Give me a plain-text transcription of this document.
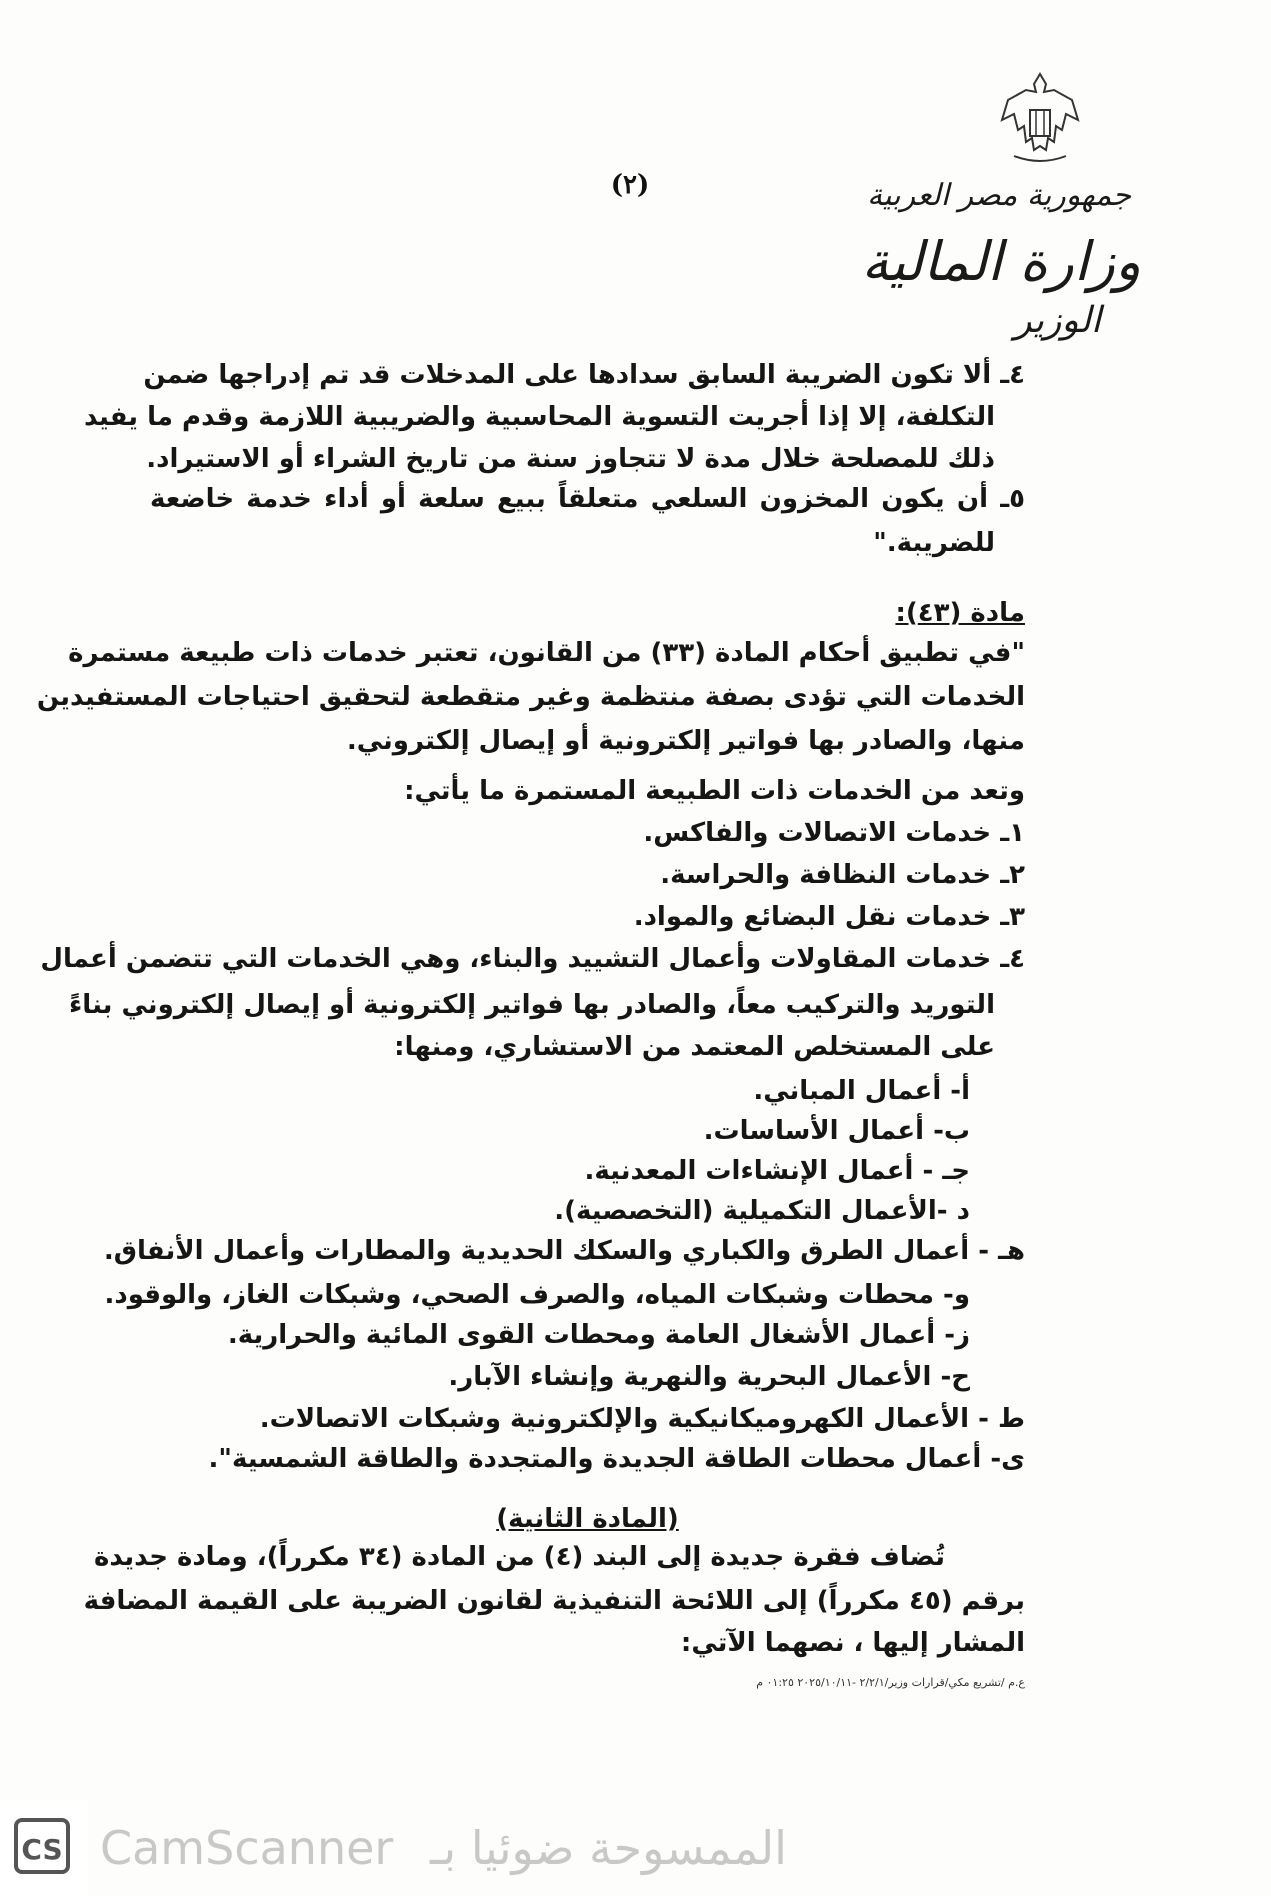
(٢)	جمهورية مصر العربية
وزارة المالية
الوزير
٤ـ ألا تكون الضريبة السابق سدادها على المدخلات قد تم إدراجها ضمن
التكلفة، إلا إذا أجريت التسوية المحاسبية والضريبية اللازمة وقدم ما يفيد
ذلك للمصلحة خلال مدة لا تتجاوز سنة من تاريخ الشراء أو الاستيراد.
٥ـ أن يكون المخزون السلعي متعلقاً ببيع سلعة أو أداء خدمة خاضعة
للضريبة."
مادة (٤٣):
"في تطبيق أحكام المادة (٣٣) من القانون، تعتبر خدمات ذات طبيعة مستمرة
الخدمات التي تؤدى بصفة منتظمة وغير متقطعة لتحقيق احتياجات المستفيدين
منها، والصادر بها فواتير إلكترونية أو إيصال إلكتروني.
وتعد من الخدمات ذات الطبيعة المستمرة ما يأتي:
١ـ خدمات الاتصالات والفاكس.
٢ـ خدمات النظافة والحراسة.
٣ـ خدمات نقل البضائع والمواد.
٤ـ خدمات المقاولات وأعمال التشييد والبناء، وهي الخدمات التي تتضمن أعمال
التوريد والتركيب معاً، والصادر بها فواتير إلكترونية أو إيصال إلكتروني بناءً
على المستخلص المعتمد من الاستشاري، ومنها:
أ- أعمال المباني.
ب- أعمال الأساسات.
جـ - أعمال الإنشاءات المعدنية.
د -الأعمال التكميلية (التخصصية).
هـ - أعمال الطرق والكباري والسكك الحديدية والمطارات وأعمال الأنفاق.
و- محطات وشبكات المياه، والصرف الصحي، وشبكات الغاز، والوقود.
ز- أعمال الأشغال العامة ومحطات القوى المائية والحرارية.
ح- الأعمال البحرية والنهرية وإنشاء الآبار.
ط - الأعمال الكهروميكانيكية والإلكترونية وشبكات الاتصالات.
ى- أعمال محطات الطاقة الجديدة والمتجددة والطاقة الشمسية".
(المادة الثانية)
تُضاف فقرة جديدة إلى البند (٤) من المادة (٣٤ مكرراً)، ومادة جديدة
برقم (٤٥ مكرراً) إلى اللائحة التنفيذية لقانون الضريبة على القيمة المضافة
المشار إليها ، نصهما الآتي:
ع.م /تشريع مكي/قرارات وزير/٢/٢/١ -٢٠٢٥/١٠/١١ ٠١:٢٥ م
CS CamScanner الممسوحة ضوئيا بـ
